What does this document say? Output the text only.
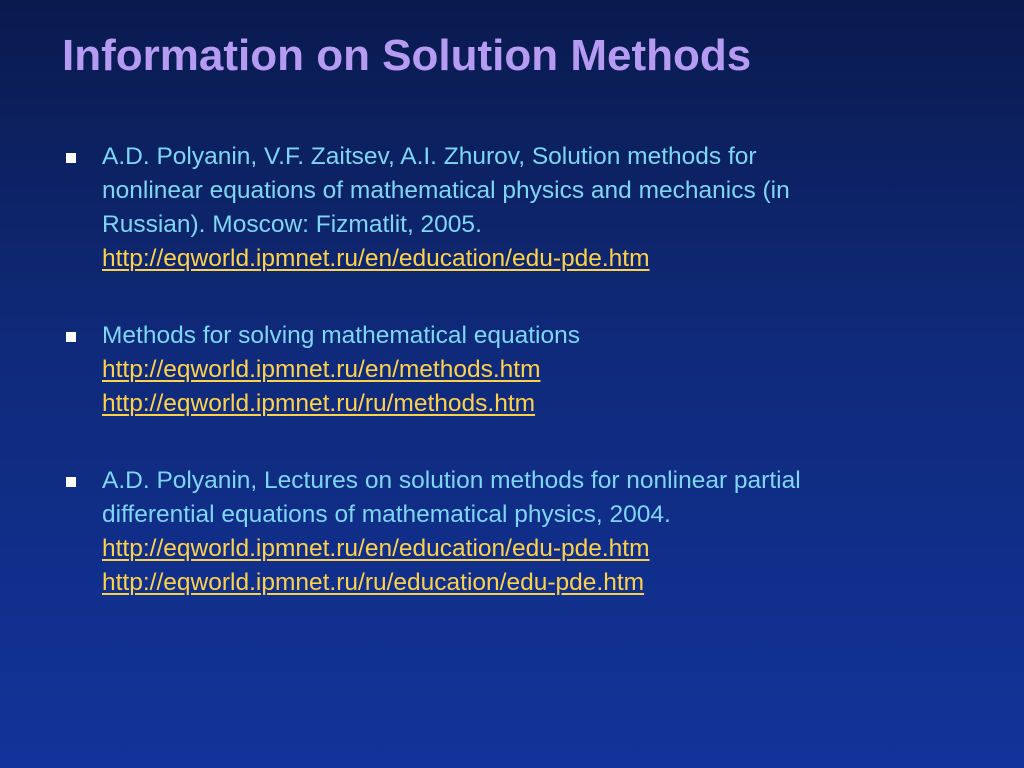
Information on Solution Methods
A.D. Polyanin, V.F. Zaitsev, A.I. Zhurov, Solution methods for
nonlinear equations of mathematical physics and mechanics (in
Russian). Moscow: Fizmatlit, 2005.
http://eqworld.ipmnet.ru/en/education/edu-pde.htm
Methods for solving mathematical equations
http://eqworld.ipmnet.ru/en/methods.htm
http://eqworld.ipmnet.ru/ru/methods.htm
A.D. Polyanin, Lectures on solution methods for nonlinear partial
differential equations of mathematical physics, 2004.
http://eqworld.ipmnet.ru/en/education/edu-pde.htm
http://eqworld.ipmnet.ru/ru/education/edu-pde.htm
